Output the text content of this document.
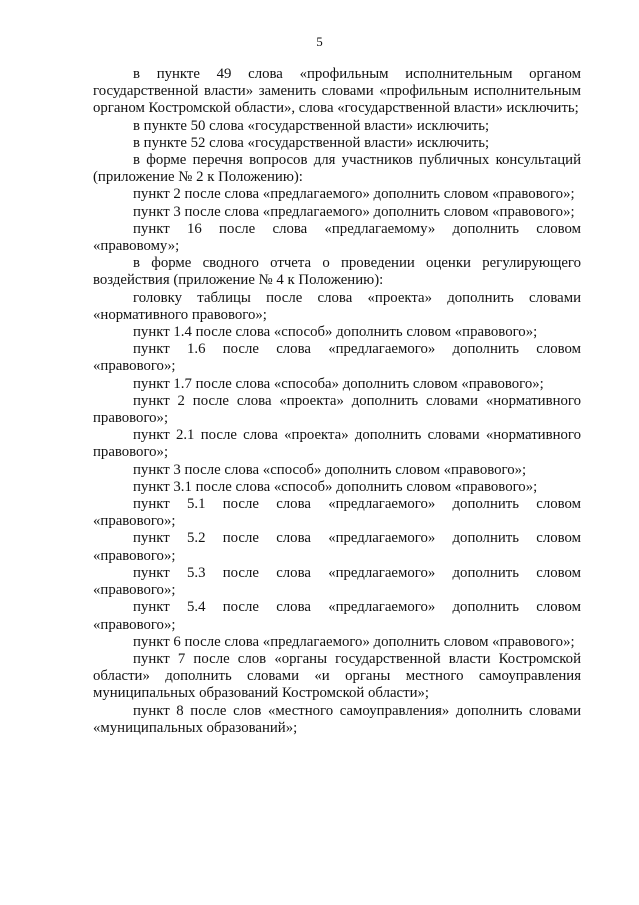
5

в пункте 49 слова «профильным исполнительным органом государственной власти» заменить словами «профильным исполнительным органом Костромской области», слова «государственной власти» исключить;

в пункте 50 слова «государственной власти» исключить;

в пункте 52 слова «государственной власти» исключить;

в форме перечня вопросов для участников публичных консультаций (приложение № 2 к Положению):

пункт 2 после слова «предлагаемого» дополнить словом «правового»;

пункт 3 после слова «предлагаемого» дополнить словом «правового»;

пункт 16 после слова «предлагаемому» дополнить словом «правовому»;

в форме сводного отчета о проведении оценки регулирующего воздействия (приложение № 4 к Положению):

головку таблицы после слова «проекта» дополнить словами «нормативного правового»;

пункт 1.4 после слова «способ» дополнить словом «правового»;

пункт 1.6 после слова «предлагаемого» дополнить словом «правового»;

пункт 1.7 после слова «способа» дополнить словом «правового»;

пункт 2 после слова «проекта» дополнить словами «нормативного правового»;

пункт 2.1 после слова «проекта» дополнить словами «нормативного правового»;

пункт 3 после слова «способ» дополнить словом «правового»;

пункт 3.1 после слова «способ» дополнить словом «правового»;

пункт 5.1 после слова «предлагаемого» дополнить словом «правового»;

пункт 5.2 после слова «предлагаемого» дополнить словом «правового»;

пункт 5.3 после слова «предлагаемого» дополнить словом «правового»;

пункт 5.4 после слова «предлагаемого» дополнить словом «правового»;

пункт 6 после слова «предлагаемого» дополнить словом «правового»;

пункт 7 после слов «органы государственной власти Костромской области» дополнить словами «и органы местного самоуправления муниципальных образований Костромской области»;

пункт 8 после слов «местного самоуправления» дополнить словами «муниципальных образований»;
